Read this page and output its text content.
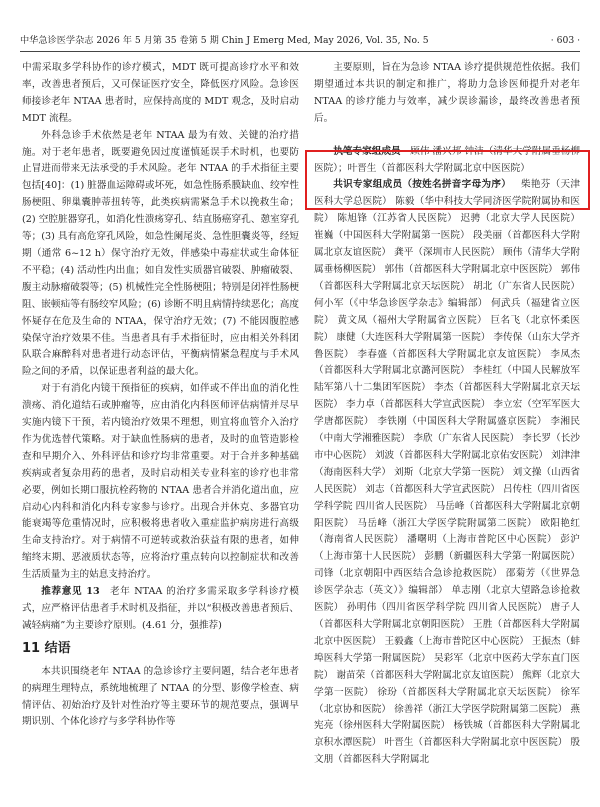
中华急诊医学杂志 2026 年 5 月第 35 卷第 5 期 Chin J Emerg Med, May 2026, Vol. 35, No. 5	· 603 ·

中需采取多学科协作的诊疗模式，MDT 既可提高诊疗水平和效率，改善患者预后，又可保证医疗安全，降低医疗风险。急诊医师接诊老年 NTAA 患者时，应保持高度的 MDT 观念，及时启动 MDT 流程。

外科急诊手术依然是老年 NTAA 最为有效、关键的治疗措施。对于老年患者，既要避免因过度谨慎延误手术时机，也要防止冒进而带来无法承受的手术风险。老年 NTAA 的手术指征主要包括[40]：(1) 脏器血运障碍或坏死，如急性肠系膜缺血、绞窄性肠梗阻、卵巢囊肿蒂扭转等，此类疾病需紧急手术以挽救生命；(2) 空腔脏器穿孔，如消化性溃疡穿孔、结直肠癌穿孔、憩室穿孔等；(3) 具有高危穿孔风险，如急性阑尾炎、急性胆囊炎等，经短期（通常 6~12 h）保守治疗无效，伴感染中毒症状或生命体征不平稳；(4) 活动性内出血；如自发性实质器官破裂、肿瘤破裂、腹主动脉瘤破裂等；(5) 机械性完全性肠梗阻；特别是闭袢性肠梗阻、嵌顿疝等有肠绞窄风险；(6) 诊断不明且病情持续恶化；高度怀疑存在危及生命的 NTAA，保守治疗无效；(7) 不能因腹腔感染保守治疗效果不佳。当患者具有手术指征时，应由相关外科团队联合麻醉科对患者进行动态评估，平衡病情紧急程度与手术风险之间的矛盾，以保证患者利益的最大化。

对于有消化内镜干预指征的疾病，如伴或不伴出血的消化性溃疡、消化道结石或肿瘤等，应由消化内科医师评估病情并尽早实施内镜下干预，若内镜治疗效果不理想，则宜将血管介入治疗作为优选替代策略。对于缺血性肠病的患者，及时的血管造影检查和早期介入、外科评估和诊疗均非常重要。对于合并多种基础疾病或者复杂用药的患者，及时启动相关专业科室的诊疗也非常必要，例如长期口服抗栓药物的 NTAA 患者合并消化道出血，应启动心内科和消化内科专家参与诊疗。出现合并休克、多器官功能衰竭等危重情况时，应积极将患者收入重症监护病房进行高级生命支持治疗。对于病情不可逆转或救治获益有限的患者，如伸缩终末期、恶液质状态等，应将治疗重点转向以控制症状和改善生活质量为主的姑息支持治疗。

推荐意见 13  老年 NTAA 的治疗多需采取多学科诊疗模式，应严格评估患者手术时机及指征，并以“积极改善患者预后、减轻病痛”为主要诊疗原则。(4.61 分，强推荐)

11 结语

本共识围绕老年 NTAA 的急诊诊疗主要问题，结合老年患者的病理生理特点，系统地梳理了 NTAA 的分型、影像学检查、病情评估、初始治疗及针对性治疗等主要环节的规范要点，强调早期识别、个体化诊疗与多学科协作等

主要原则，旨在为急诊 NTAA 诊疗提供规范性依据。我们期望通过本共识的制定和推广，将助力急诊医师提升对老年 NTAA 的诊疗能力与效率，减少误诊漏诊，最终改善患者预后。

执笔专家组成员  顾伟 潘兴邦 钟洁（清华大学附属垂杨柳医院）；叶晋生（首都医科大学附属北京中医医院）

共识专家组成员（按姓名拼音字母为序）  柴艳芬（天津医科大学总医院） 陈毅（华中科技大学同济医学院附属协和医院） 陈旭锋（江苏省人民医院） 迟骋（北京大学人民医院） 崔巍（中国医科大学附属第一医院） 段美丽（首都医科大学附属北京友谊医院） 龚平（深圳市人民医院） 顾伟（清华大学附属垂杨柳医院） 郭伟（首都医科大学附属北京中医医院） 郭伟（首都医科大学附属北京天坛医院） 胡北（广东省人民医院） 何小军（《中华急诊医学杂志》编辑部） 何武兵（福建省立医院） 黄文凤（福州大学附属省立医院） 巨名飞（北京怀柔医院） 康健（大连医科大学附属第一医院） 李传保（山东大学齐鲁医院） 李春盛（首都医科大学附属北京友谊医院） 李凤杰（首都医科大学附属北京潞河医院） 李桂红（中国人民解放军陆军第八十二集团军医院） 李杰（首都医科大学附属北京天坛医院） 李力卓（首都医科大学宣武医院） 李立宏（空军军医大学唐都医院） 李铁刚（中国医科大学附属盛京医院） 李湘民（中南大学湘雅医院） 李欣（广东省人民医院） 李长罗（长沙市中心医院） 刘波（首都医科大学附属北京佑安医院） 刘津津（海南医科大学） 刘斯（北京大学第一医院） 刘文操（山西省人民医院） 刘志（首都医科大学宣武医院） 吕传柱（四川省医学科学院 四川省人民医院） 马岳峰（首都医科大学附属北京朝阳医院） 马岳峰（浙江大学医学院附属第二医院） 欧阳艳红（海南省人民医院） 潘曙明（上海市普陀区中心医院） 彭沪（上海市第十人民医院） 彭鹏（新疆医科大学第一附属医院） 司锋（北京朝阳中西医结合急诊抢救医院） 邵菊芳（《世界急诊医学杂志（英文）》编辑部） 单志刚（北京大望路急诊抢救医院） 孙明伟（四川省医学科学院 四川省人民医院） 唐子人（首都医科大学附属北京朝阳医院） 王胜（首都医科大学附属北京中医医院） 王毅鑫（上海市普陀区中心医院） 王振杰（蚌埠医科大学第一附属医院） 吴彩军（北京中医药大学东直门医院） 谢苗荣（首都医科大学附属北京友谊医院） 熊辉（北京大学第一医院） 徐玢（首都医科大学附属北京天坛医院） 徐军（北京协和医院） 徐善祥（浙江大学医学院附属第二医院） 燕宪亮（徐州医科大学附属医院） 杨铁城（首都医科大学附属北京积水潭医院） 叶晋生（首都医科大学附属北京中医医院） 殷文朋（首都医科大学附属北
